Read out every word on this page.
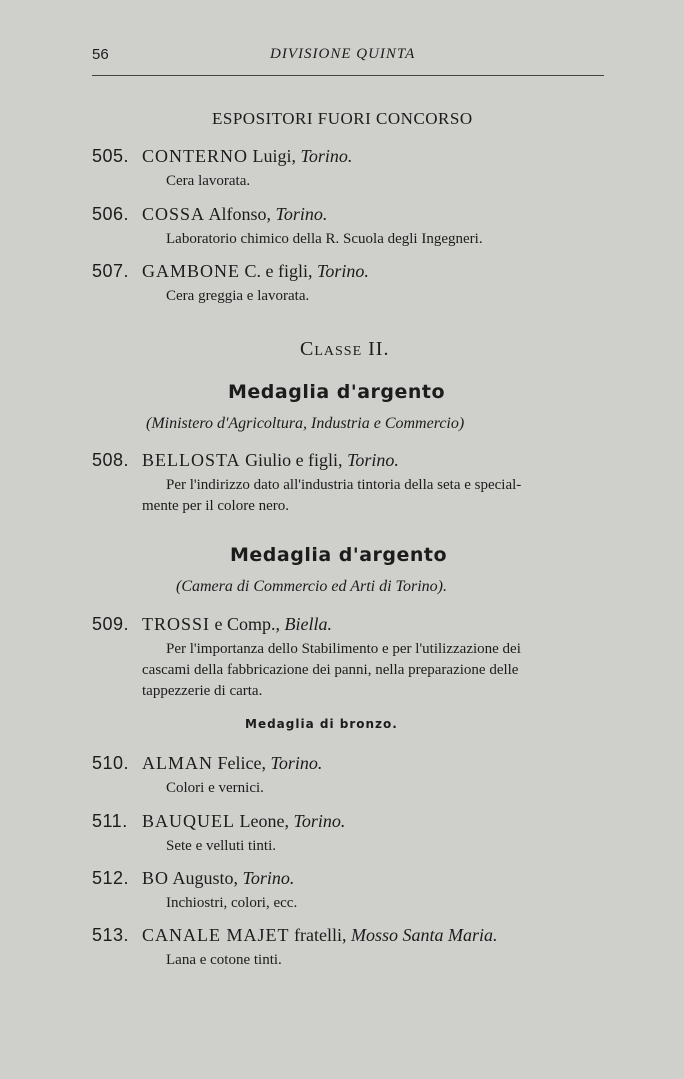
56	DIVISIONE QUINTA
ESPOSITORI FUORI CONCORSO
505. CONTERNO Luigi, Torino.
Cera lavorata.
506. COSSA Alfonso, Torino.
Laboratorio chimico della R. Scuola degli Ingegneri.
507. GAMBONE C. e figli, Torino.
Cera greggia e lavorata.
Classe II.
Medaglia d'argento
(Ministero d'Agricoltura, Industria e Commercio)
508. BELLOSTA Giulio e figli, Torino.
Per l'indirizzo dato all'industria tintoria della seta e special-
mente per il colore nero.
Medaglia d'argento
(Camera di Commercio ed Arti di Torino).
509. TROSSI e Comp., Biella.
Per l'importanza dello Stabilimento e per l'utilizzazione dei
cascami della fabbricazione dei panni, nella preparazione delle
tappezzerie di carta.
Medaglia di bronzo.
510. ALMAN Felice, Torino.
Colori e vernici.
511. BAUQUEL Leone, Torino.
Sete e velluti tinti.
512. BO Augusto, Torino.
Inchiostri, colori, ecc.
513. CANALE MAJET fratelli, Mosso Santa Maria.
Lana e cotone tinti.
